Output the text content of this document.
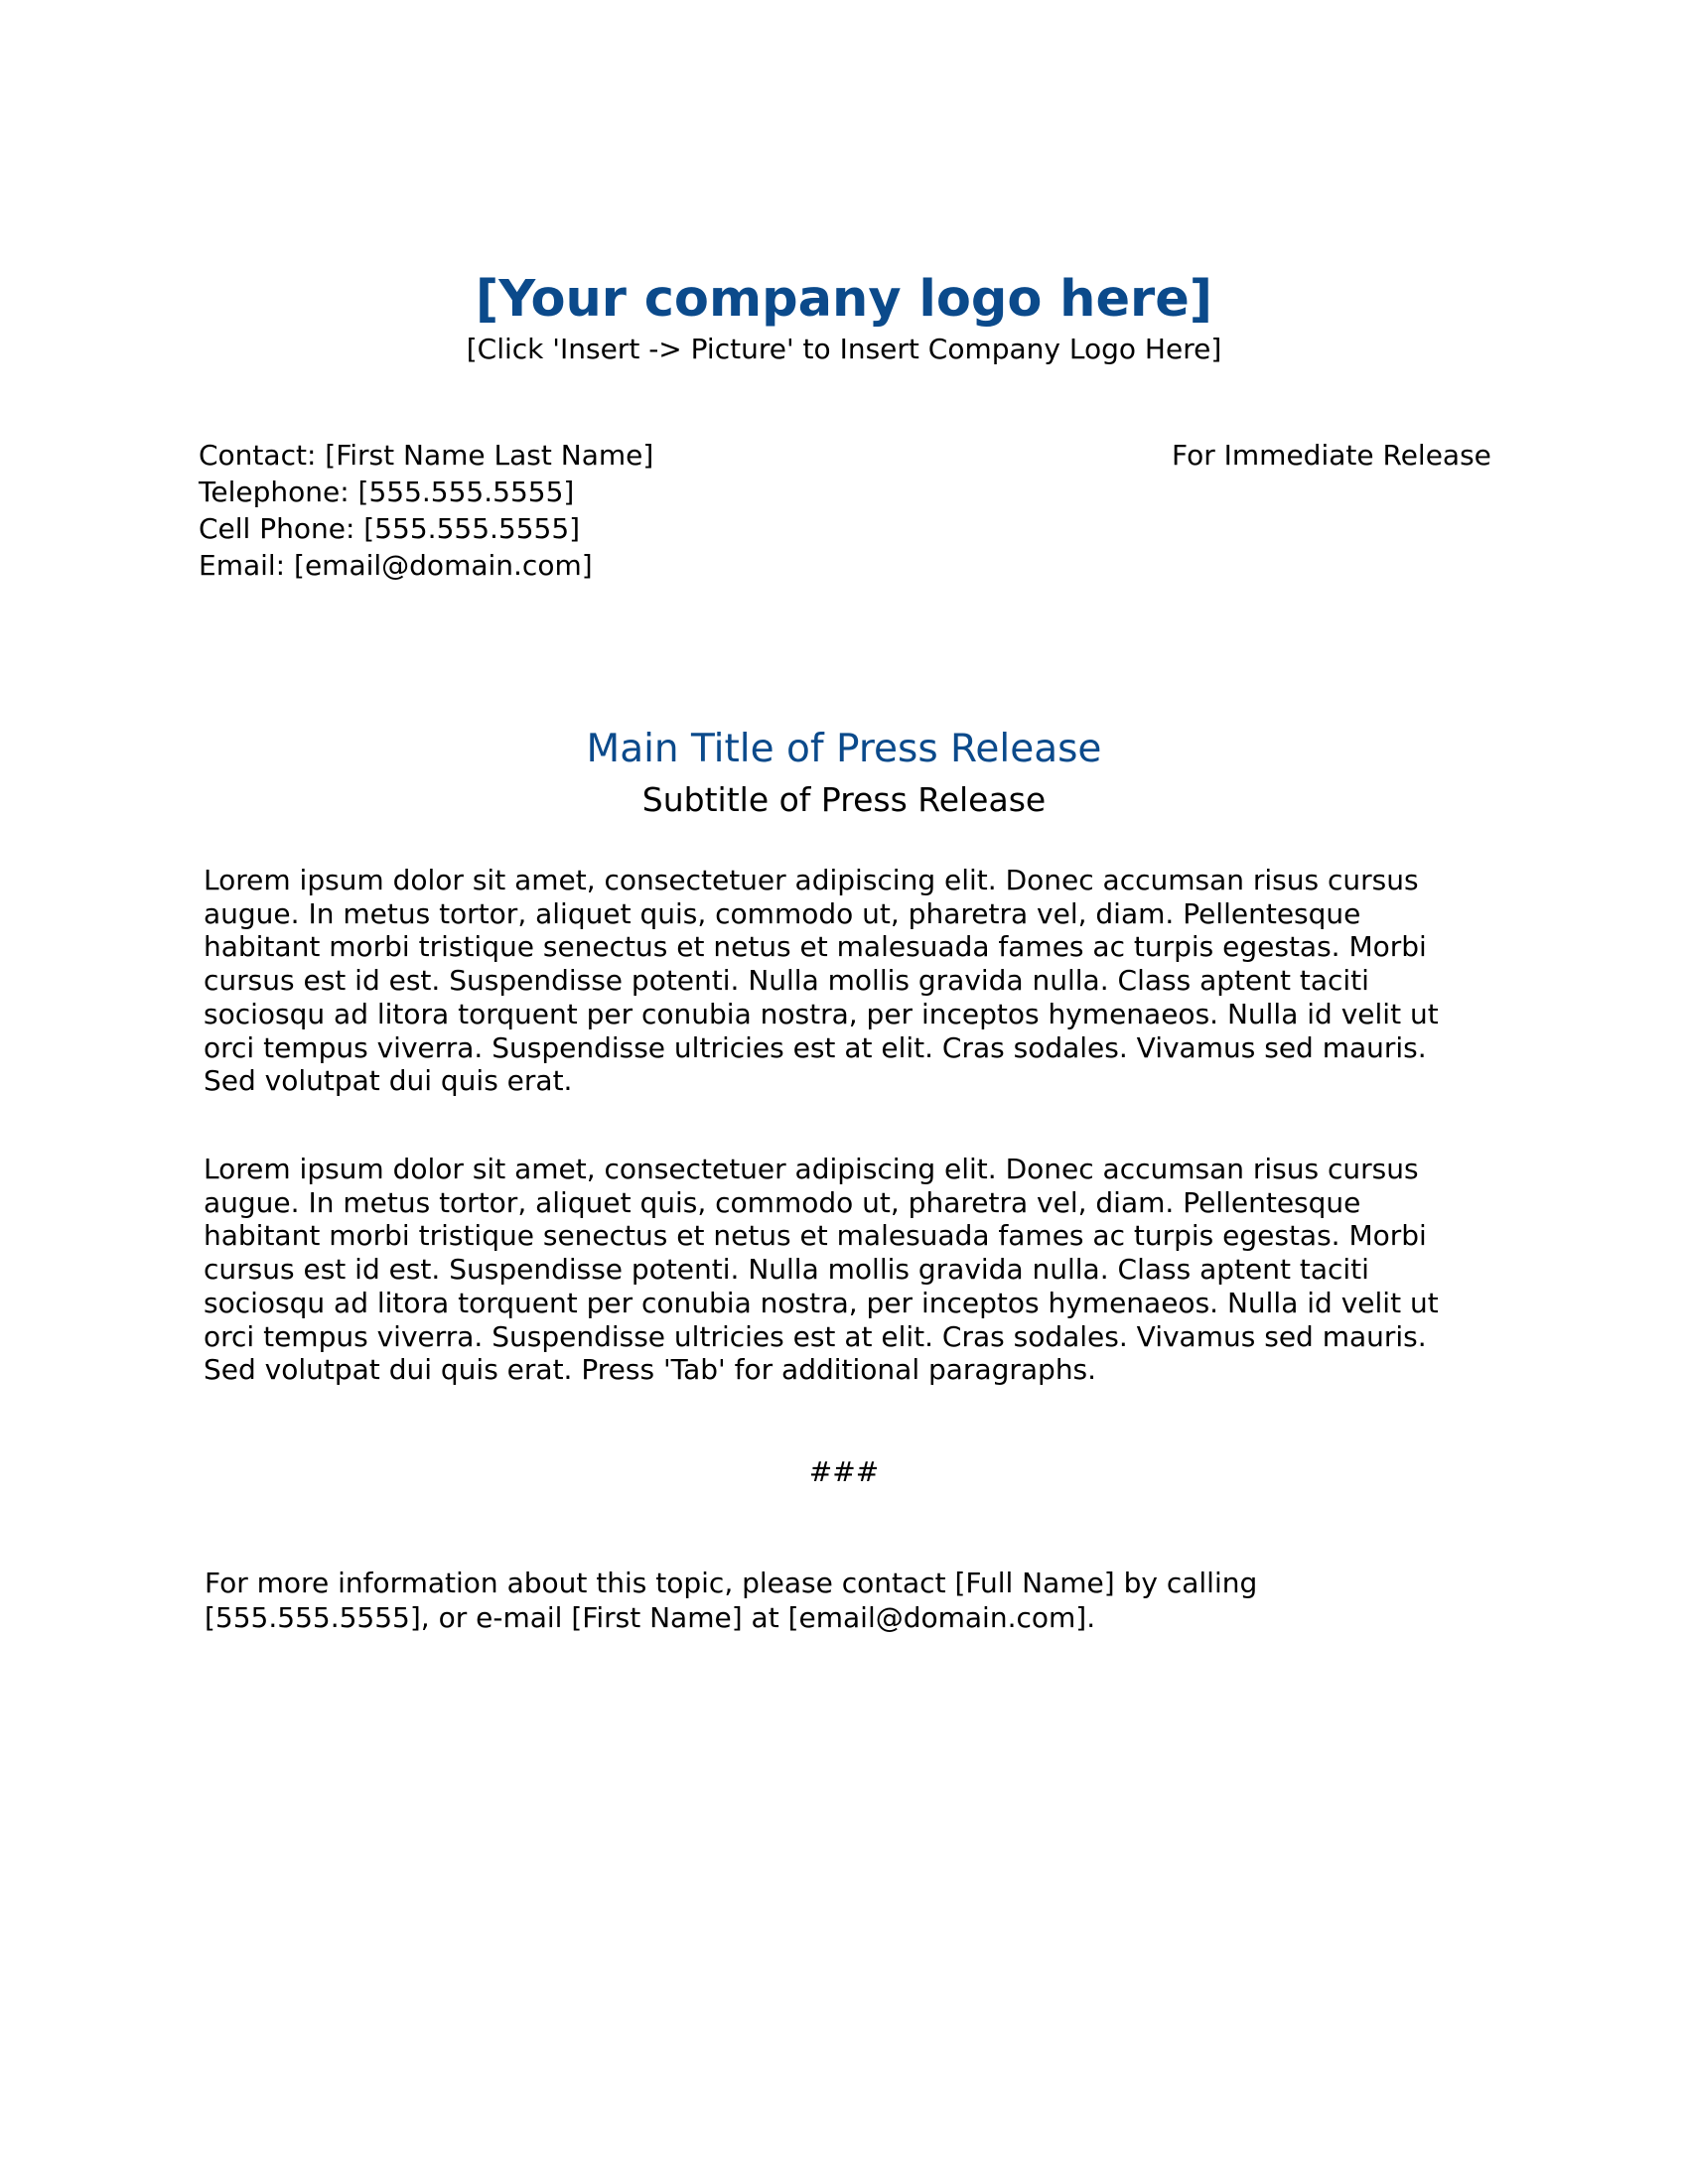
[Your company logo here]
[Click 'Insert -> Picture' to Insert Company Logo Here]
Contact: [First Name Last Name]
Telephone: [555.555.5555]
Cell Phone: [555.555.5555]
Email: [email@domain.com]
For Immediate Release
Main Title of Press Release
Subtitle of Press Release

Lorem ipsum dolor sit amet, consectetuer adipiscing elit. Donec accumsan risus cursus augue. In metus tortor, aliquet quis, commodo ut, pharetra vel, diam. Pellentesque habitant morbi tristique senectus et netus et malesuada fames ac turpis egestas. Morbi cursus est id est. Suspendisse potenti. Nulla mollis gravida nulla. Class aptent taciti sociosqu ad litora torquent per conubia nostra, per inceptos hymenaeos. Nulla id velit ut orci tempus viverra. Suspendisse ultricies est at elit. Cras sodales. Vivamus sed mauris. Sed volutpat dui quis erat.

Lorem ipsum dolor sit amet, consectetuer adipiscing elit. Donec accumsan risus cursus augue. In metus tortor, aliquet quis, commodo ut, pharetra vel, diam. Pellentesque habitant morbi tristique senectus et netus et malesuada fames ac turpis egestas. Morbi cursus est id est. Suspendisse potenti. Nulla mollis gravida nulla. Class aptent taciti sociosqu ad litora torquent per conubia nostra, per inceptos hymenaeos. Nulla id velit ut orci tempus viverra. Suspendisse ultricies est at elit. Cras sodales. Vivamus sed mauris. Sed volutpat dui quis erat. Press 'Tab' for additional paragraphs.

###

For more information about this topic, please contact [Full Name] by calling [555.555.5555], or e-mail [First Name] at [email@domain.com].
